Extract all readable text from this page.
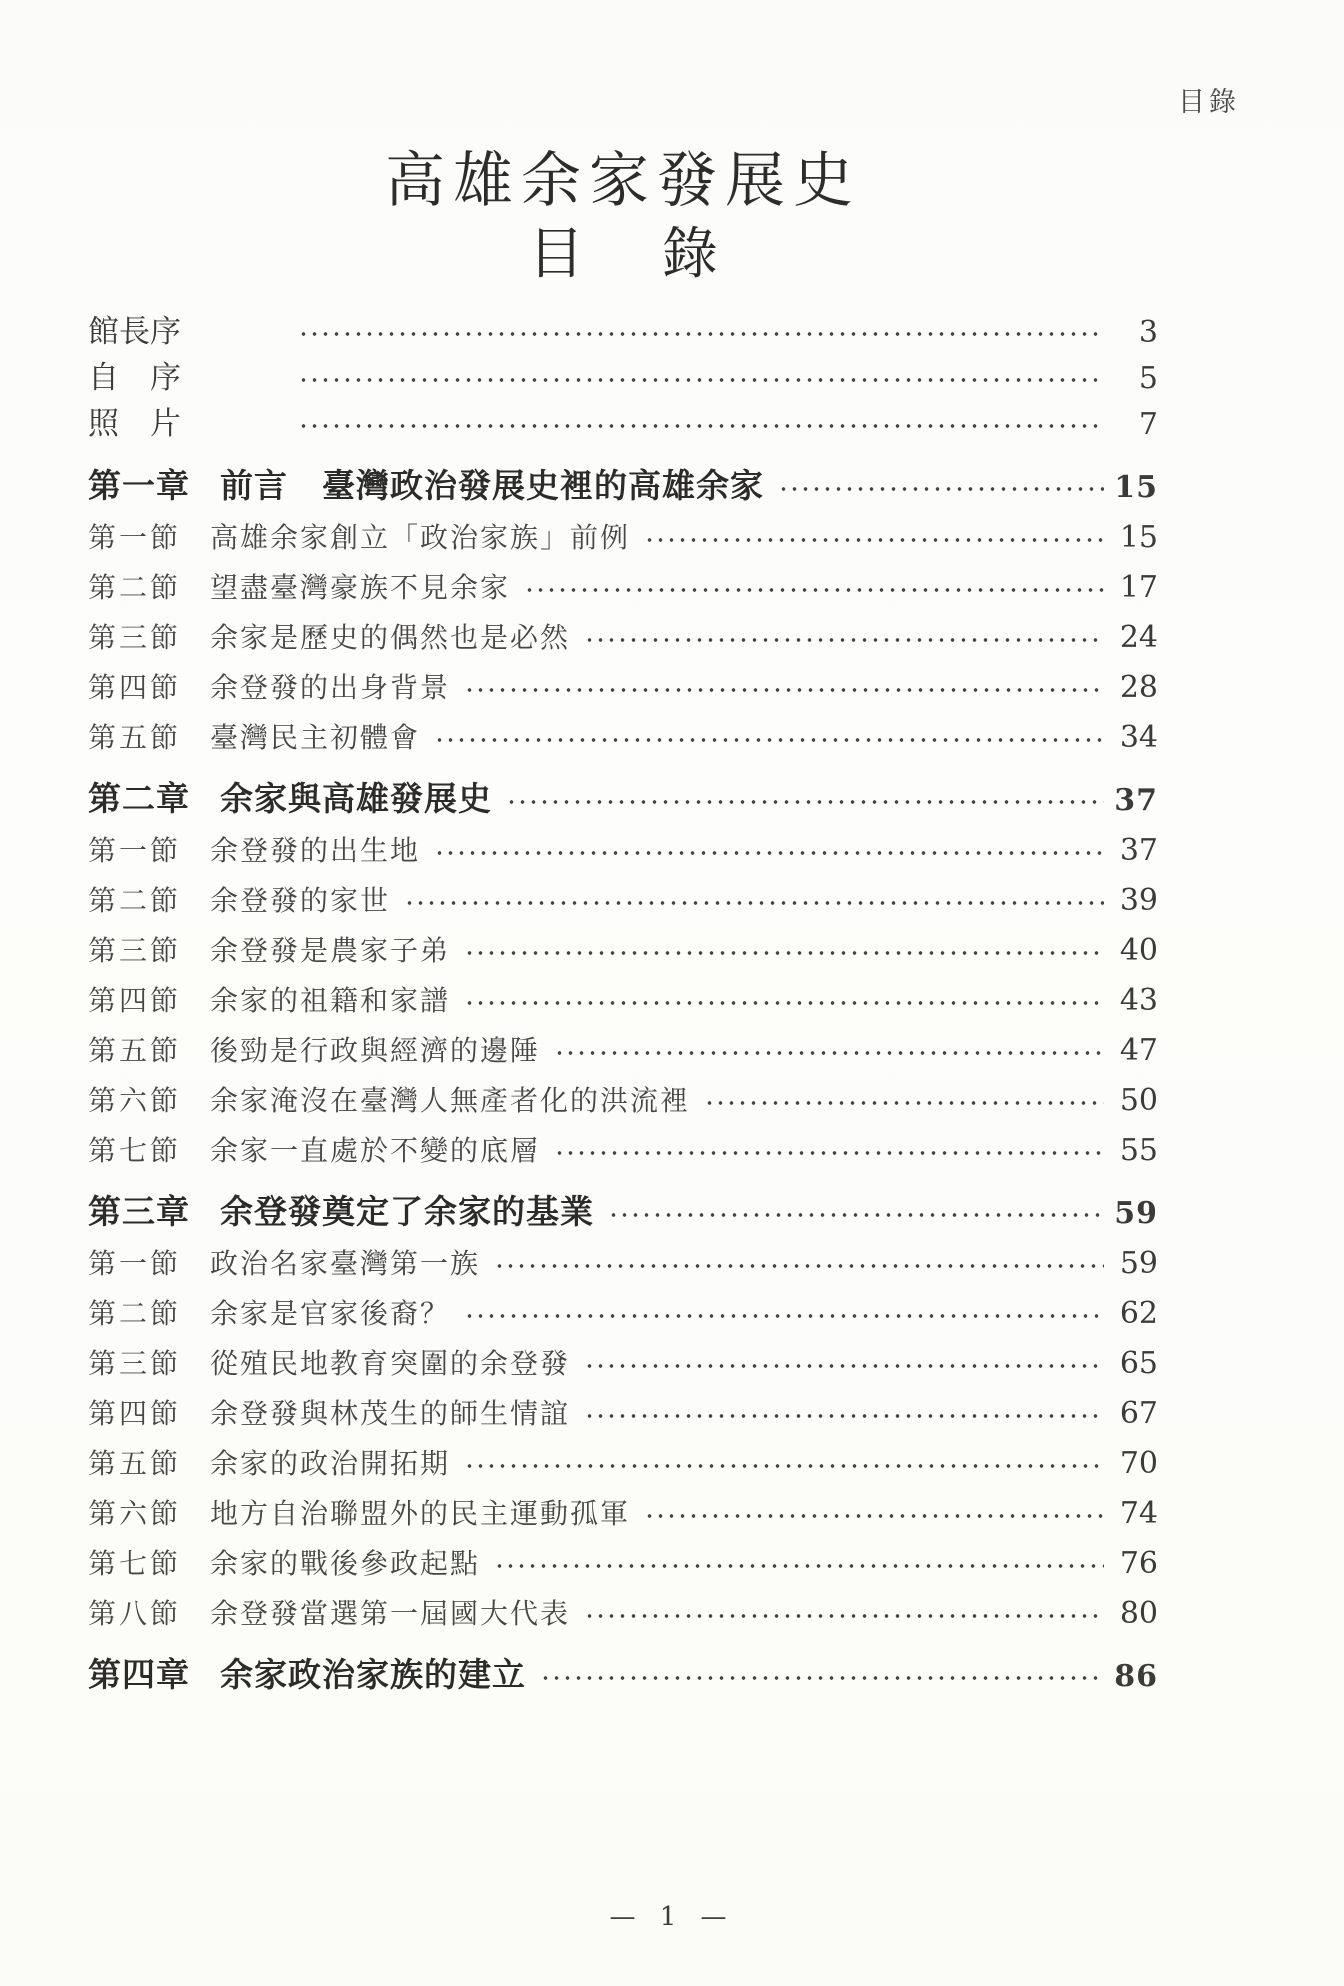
目錄
高雄余家發展史
目 錄
館長序	3
自　序	5
照　片	7
第一章 前言　臺灣政治發展史裡的高雄余家	15
第一節 高雄余家創立「政治家族」前例	15
第二節 望盡臺灣豪族不見余家	17
第三節 余家是歷史的偶然也是必然	24
第四節 余登發的出身背景	28
第五節 臺灣民主初體會	34
第二章 余家與高雄發展史	37
第一節 余登發的出生地	37
第二節 余登發的家世	39
第三節 余登發是農家子弟	40
第四節 余家的祖籍和家譜	43
第五節 後勁是行政與經濟的邊陲	47
第六節 余家淹沒在臺灣人無產者化的洪流裡	50
第七節 余家一直處於不變的底層	55
第三章 余登發奠定了余家的基業	59
第一節 政治名家臺灣第一族	59
第二節 余家是官家後裔？	62
第三節 從殖民地教育突圍的余登發	65
第四節 余登發與林茂生的師生情誼	67
第五節 余家的政治開拓期	70
第六節 地方自治聯盟外的民主運動孤軍	74
第七節 余家的戰後參政起點	76
第八節 余登發當選第一屆國大代表	80
第四章 余家政治家族的建立	86
— 1 —
